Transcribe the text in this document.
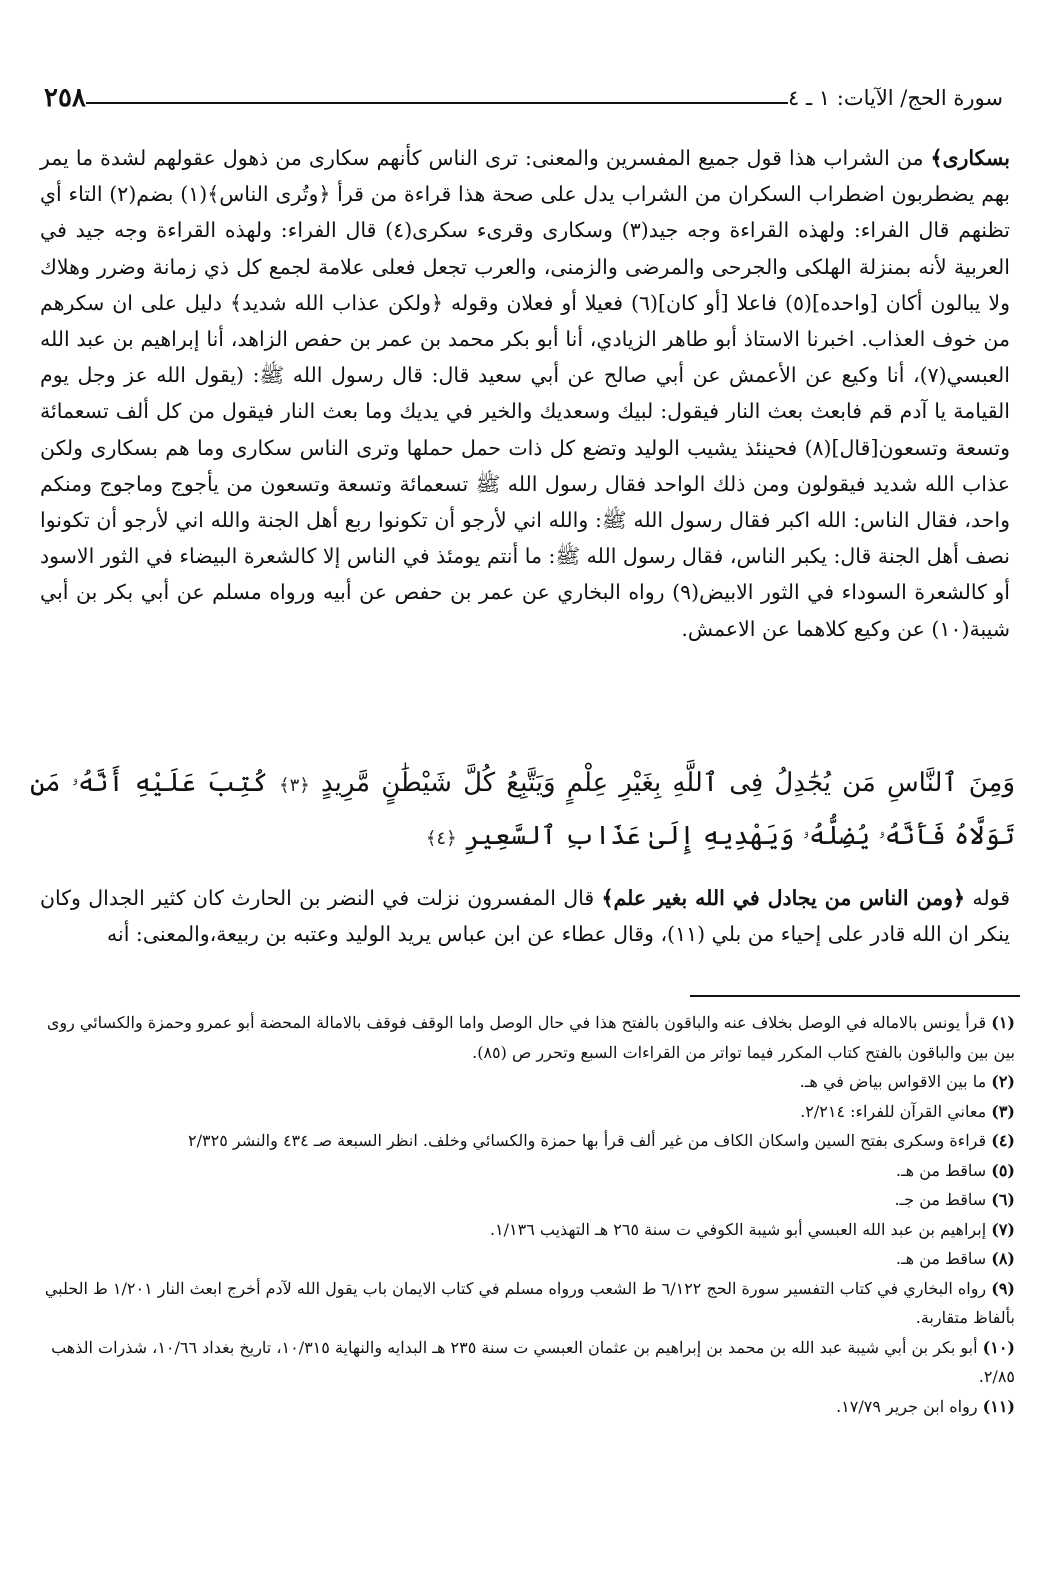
سورة الحج/ الآيات: ١ ـ ٤
٢٥٨

بسكارى﴾ من الشراب هذا قول جميع المفسرين والمعنى: ترى الناس كأنهم سكارى من ذهول عقولهم لشدة ما يمر بهم يضطربون اضطراب السكران من الشراب يدل على صحة هذا قراءة من قرأ ﴿وتُرى الناس﴾(١) بضم(٢) التاء أي تظنهم قال الفراء: ولهذه القراءة وجه جيد(٣) وسكارى وقرىء سكرى(٤) قال الفراء: ولهذه القراءة وجه جيد في العربية لأنه بمنزلة الهلكى والجرحى والمرضى والزمنى، والعرب تجعل فعلى علامة لجمع كل ذي زمانة وضرر وهلاك ولا يبالون أكان [واحده](٥) فاعلا [أو كان](٦) فعيلا أو فعلان وقوله ﴿ولكن عذاب الله شديد﴾ دليل على ان سكرهم من خوف العذاب. اخبرنا الاستاذ أبو طاهر الزيادي، أنا أبو بكر محمد بن عمر بن حفص الزاهد، أنا إبراهيم بن عبد الله العبسي(٧)، أنا وكيع عن الأعمش عن أبي صالح عن أبي سعيد قال: قال رسول الله ﷺ: (يقول الله عز وجل يوم القيامة يا آدم قم فابعث بعث النار فيقول: لبيك وسعديك والخير في يديك وما بعث النار فيقول من كل ألف تسعمائة وتسعة وتسعون[قال](٨) فحينئذ يشيب الوليد وتضع كل ذات حمل حملها وترى الناس سكارى وما هم بسكارى ولكن عذاب الله شديد فيقولون ومن ذلك الواحد فقال رسول الله ﷺ تسعمائة وتسعة وتسعون من يأجوج وماجوج ومنكم واحد، فقال الناس: الله اكبر فقال رسول الله ﷺ: والله اني لأرجو أن تكونوا ربع أهل الجنة والله اني لأرجو أن تكونوا نصف أهل الجنة قال: يكبر الناس، فقال رسول الله ﷺ: ما أنتم يومئذ في الناس إلا كالشعرة البيضاء في الثور الاسود أو كالشعرة السوداء في الثور الابيض(٩) رواه البخاري عن عمر بن حفص عن أبيه ورواه مسلم عن أبي بكر بن أبي شيبة(١٠) عن وكيع كلاهما عن الاعمش.

وَمِنَ ٱلنَّاسِ مَن يُجَٰدِلُ فِى ٱللَّهِ بِغَيْرِ عِلْمٍ وَيَتَّبِعُ كُلَّ شَيْطَٰنٍ مَّرِيدٍ ﴿٣﴾ كُتِبَ عَلَيْهِ أَنَّهُۥ مَن تَوَلَّاهُ فَأَنَّهُۥ يُضِلُّهُۥ وَيَهْدِيهِ إِلَىٰ عَذَابِ ٱلسَّعِيرِ ﴿٤﴾
قوله ﴿ومن الناس من يجادل في الله بغير علم﴾ قال المفسرون نزلت في النضر بن الحارث كان كثير الجدال وكان ينكر ان الله قادر على إحياء من بلي (١١)، وقال عطاء عن ابن عباس يريد الوليد وعتبه بن ربيعة،والمعنى: أنه

(١) قرأ يونس بالاماله في الوصل بخلاف عنه والباقون بالفتح هذا في حال الوصل واما الوقف فوقف بالامالة المحضة أبو عمرو وحمزة والكسائي روى بين بين والباقون بالفتح كتاب المكرر فيما تواتر من القراءات السبع وتحرر ص (٨٥).

(٢) ما بين الاقواس بياض في هـ.

(٣) معاني القرآن للفراء: ٢/٢١٤.

(٤) قراءة وسكرى بفتح السين واسكان الكاف من غير ألف قرأ بها حمزة والكسائي وخلف. انظر السبعة صـ ٤٣٤ والنشر ٢/٣٢٥

(٥) ساقط من هـ.

(٦) ساقط من جـ.

(٧) إبراهيم بن عبد الله العبسي أبو شيبة الكوفي ت سنة ٢٦٥ هـ التهذيب ١/١٣٦.

(٨) ساقط من هـ.

(٩) رواه البخاري في كتاب التفسير سورة الحج ٦/١٢٢ ط الشعب ورواه مسلم في كتاب الايمان باب يقول الله لآدم أخرج ابعث النار ١/٢٠١ ط الحلبي بألفاظ متقاربة.

(١٠) أبو بكر بن أبي شيبة عبد الله بن محمد بن إبراهيم بن عثمان العبسي ت سنة ٢٣٥ هـ البدايه والنهاية ١٠/٣١٥، تاريخ بغداد ١٠/٦٦، شذرات الذهب ٢/٨٥.

(١١) رواه ابن جرير ١٧/٧٩.
